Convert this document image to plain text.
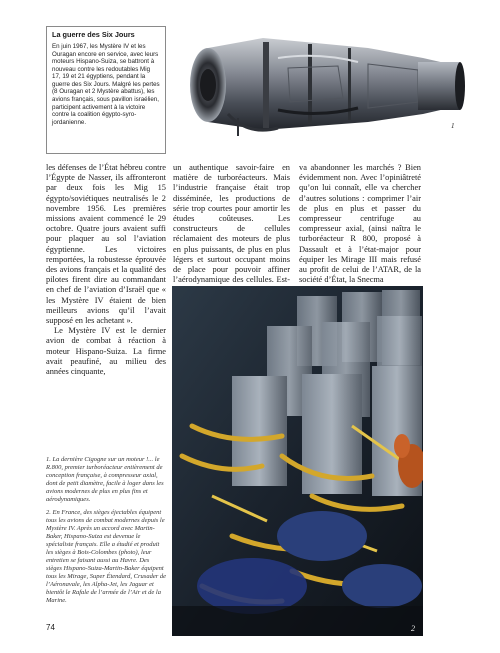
La guerre des Six Jours
En juin 1967, les Mystère IV et les Ouragan encore en service, avec leurs moteurs Hispano-Suiza, se battront à nouveau contre les redoutables Mig 17, 19 et 21 égyptiens, pendant la guerre des Six Jours. Malgré les pertes (8 Ouragan et 2 Mystère abattus), les avions français, sous pavillon israélien, participent activement à la victoire contre la coalition égypto-syro-jordanienne.	1

les défenses de l’État hébreu contre l’Égypte de Nasser, ils affronteront par deux fois les Mig 15 égypto/soviétiques neutralisés le 2 novembre 1956. Les premières missions avaient commencé le 29 octobre. Quatre jours avaient suffi pour plaquer au sol l’aviation égyptienne. Les victoires remportées, la robustesse éprouvée des avions français et la qualité des pilotes firent dire au commandant en chef de l’aviation d’Israël que « les Mystère IV étaient de bien meilleurs avions qu’il l’avait supposé en les achetant ».

Le Mystère IV est le dernier avion de combat à réaction à moteur Hispano-Suiza. La firme avait peaufiné, au milieu des années cinquante,

un authentique savoir-faire en matière de turboréacteurs. Mais l’industrie française était trop disséminée, les productions de série trop courtes pour amortir les études coûteuses. Les constructeurs de cellules réclamaient des moteurs de plus en plus puissants, de plus en plus légers et surtout occupant moins de place pour pouvoir affiner l’aérodynamique des cellules. Est-

va abandonner les marchés ? Bien évidemment non. Avec l’opiniâtreté qu’on lui connaît, elle va chercher d’autres solutions : comprimer l’air de plus en plus et passer du compresseur centrifuge au compresseur axial, (ainsi naîtra le turboréacteur R 800, proposé à Dassault et à l’état-major pour équiper les Mirage III mais refusé au profit de celui de l’ATAR, de la société d’État, la Snecma

1. La dernière Cigogne sur un moteur !... le R.800, premier turboréacteur entièrement de conception française, à compresseur axial, dont de petit diamètre, facile à loger dans les avions modernes de plus en plus fins et aérodynamiques.

2. En France, des sièges éjectables équipent tous les avions de combat modernes depuis le Mystère IV. Après un accord avec Martin-Baker, Hispano-Suiza est devenue le spécialiste français. Elle a étudié et produit les sièges à Bois-Colombes (photo), leur entretien se faisant aussi au Havre. Des sièges Hispano-Suiza-Martin-Baker équipent tous les Mirage, Super Étendard, Crusader de l’Aéronavale, les Alpha-Jet, les Jaguar et bientôt le Rafale de l’armée de l’Air et de la Marine.

74	2
